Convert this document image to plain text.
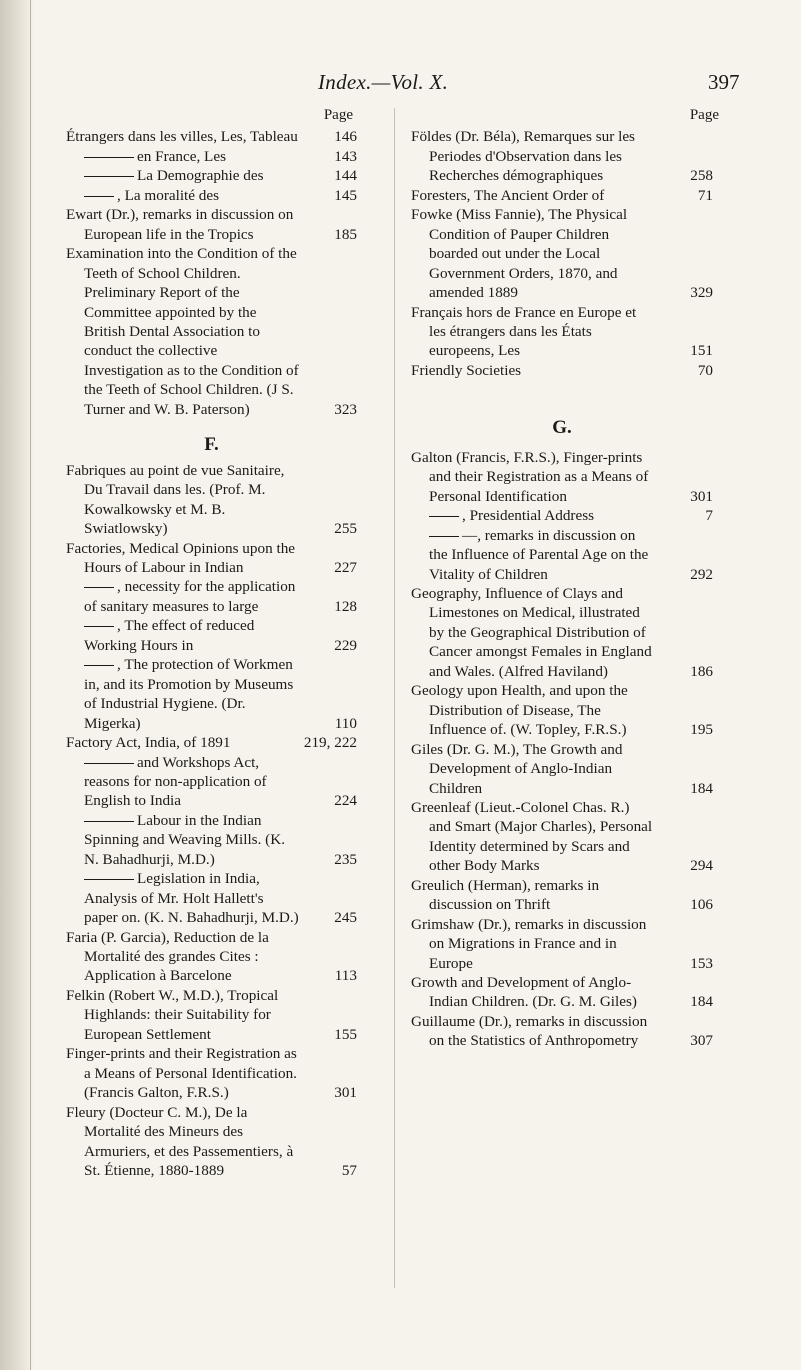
Index.—Vol. X.	397
Page
Étrangers dans les villes, Les, Tableau 146
en France, Les	143
La Demographie des	144
, La moralité des	145
Ewart (Dr.), remarks in discussion on European life in the Tropics	185
Examination into the Condition of the Teeth of School Children. Preliminary Report of the Committee appointed by the British Dental Association to conduct the collective Investigation as to the Condition of the Teeth of School Children. (J S. Turner and W. B. Paterson)	323
F.
Fabriques au point de vue Sanitaire, Du Travail dans les. (Prof. M. Kowalkowsky et M. B. Swiatlowsky)	255
Factories, Medical Opinions upon the Hours of Labour in Indian	227
, necessity for the application of sanitary measures to large	128
, The effect of reduced Working Hours in	229
, The protection of Workmen in, and its Promotion by Museums of Industrial Hygiene. (Dr. Migerka)	110
Factory Act, India, of 1891	219, 222
and Workshops Act, reasons for non-application of English to India	224
Labour in the Indian Spinning and Weaving Mills. (K. N. Bahadhurji, M.D.)	235
Legislation in India, Analysis of Mr. Holt Hallett's paper on. (K. N. Bahadhurji, M.D.) 245
Faria (P. Garcia), Reduction de la Mortalité des grandes Cites : Application à Barcelone	113
Felkin (Robert W., M.D.), Tropical Highlands: their Suitability for European Settlement	155
Finger-prints and their Registration as a Means of Personal Identification. (Francis Galton, F.R.S.)	301
Fleury (Docteur C. M.), De la Mortalité des Mineurs des Armuriers, et des Passementiers, à St. Étienne, 1880-1889	57
Page
Földes (Dr. Béla), Remarques sur les Periodes d'Observation dans les Recherches démographiques	258
Foresters, The Ancient Order of	71
Fowke (Miss Fannie), The Physical Condition of Pauper Children boarded out under the Local Government Orders, 1870, and amended 1889	329
Français hors de France en Europe et les étrangers dans les États europeens, Les	151
Friendly Societies	70
G.
Galton (Francis, F.R.S.), Finger-prints and their Registration as a Means of Personal Identification	301
, Presidential Address	7
—, remarks in discussion on the Influence of Parental Age on the Vitality of Children	292
Geography, Influence of Clays and Limestones on Medical, illustrated by the Geographical Distribution of Cancer amongst Females in England and Wales. (Alfred Haviland)	186
Geology upon Health, and upon the Distribution of Disease, The Influence of. (W. Topley, F.R.S.)	195
Giles (Dr. G. M.), The Growth and Development of Anglo-Indian Children	184
Greenleaf (Lieut.-Colonel Chas. R.) and Smart (Major Charles), Personal Identity determined by Scars and other Body Marks	294
Greulich (Herman), remarks in discussion on Thrift	106
Grimshaw (Dr.), remarks in discussion on Migrations in France and in Europe	153
Growth and Development of Anglo-Indian Children. (Dr. G. M. Giles)	184
Guillaume (Dr.), remarks in discussion on the Statistics of Anthropometry	307
